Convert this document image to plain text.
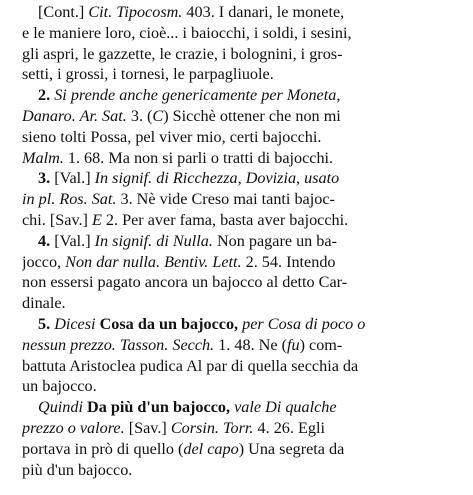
[Cont.] Cit. Tipocosm. 403. I danari, le monete,
e le maniere loro, cioè... i baiocchi, i soldi, i sesini,
gli aspri, le gazzette, le crazie, i bolognini, i gros-
setti, i grossi, i tornesi, le parpagliuole.
2. Si prende anche genericamente per Moneta,
Danaro. Ar. Sat. 3. (C) Sicchè ottener che non mi
sieno tolti Possa, pel viver mio, certi bajocchi.
Malm. 1. 68. Ma non si parli o tratti di bajocchi.
3. [Val.] In signif. di Ricchezza, Dovizia, usato
in pl. Ros. Sat. 3. Nè vide Creso mai tanti bajoc-
chi. [Sav.] E 2. Per aver fama, basta aver bajocchi.
4. [Val.] In signif. di Nulla. Non pagare un ba-
jocco, Non dar nulla. Bentiv. Lett. 2. 54. Intendo
non essersi pagato ancora un bajocco al detto Car-
dinale.
5. Dicesi Cosa da un bajocco, per Cosa di poco o
nessun prezzo. Tasson. Secch. 1. 48. Ne (fu) com-
battuta Aristoclea pudica Al par di quella secchia da
un bajocco.
Quindi Da più d'un bajocco, vale Di qualche
prezzo o valore. [Sav.] Corsin. Torr. 4. 26. Egli
portava in prò di quello (del capo) Una segreta da
più d'un bajocco.
